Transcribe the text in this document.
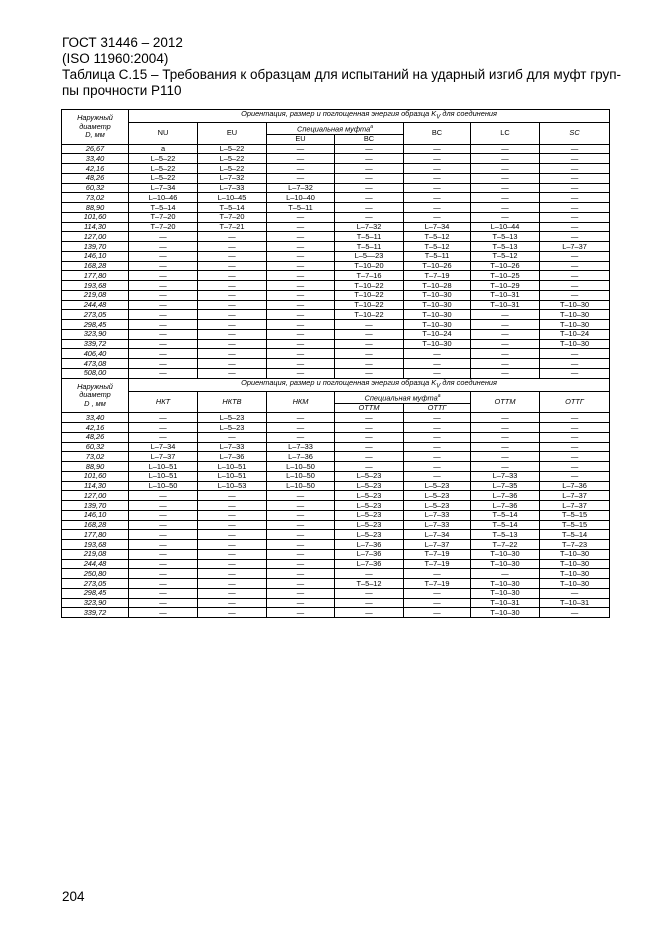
ГОСТ 31446 – 2012
(ISO 11960:2004)
Таблица С.15 – Требования к образцам для испытаний на ударный изгиб для муфт груп-
пы прочности Р110
Наружный
диаметр
D, мм	Ориентация, размер и поглощенная энергия образца $K_V$ для соединения						
	NU	EU	Специальная муфта$^a$		BC	LC	SC
			EU	BC			
26,67	a	L–5–22	—	—	—	—	—
33,40	L–5–22	L–5–22	—	—	—	—	—
42,16	L–5–22	L–5–22	—	—	—	—	—
48,26	L–5–22	L–7–32	—	—	—	—	—
60,32	L–7–34	L–7–33	L–7–32	—	—	—	—
73,02	L–10–46	L–10–45	L–10–40	—	—	—	—
88,90	T–5–14	T–5–14	T–5–11	—	—	—	—
101,60	T–7–20	T–7–20	—	—	—	—	—
114,30	T–7–20	T–7–21	—	L–7–32	L–7–34	L–10–44	—
127,00	—	—	—	T–5–11	T–5–12	T–5–13	—
139,70	—	—	—	T–5–11	T–5–12	T–5–13	L–7–37
146,10	—	—	—	L–5––23	T–5–11	T–5–12	—
168,28	—	—	—	T–10–20	T–10–26	T–10–26	—
177,80	—	—	—	T–7–16	T–7–19	T–10–25	—
193,68	—	—	—	T–10–22	T–10–28	T–10–29	—
219,08	—	—	—	T–10–22	T–10–30	T–10–31	—
244,48	—	—	—	T–10–22	T–10–30	T–10–31	T–10–30
273,05	—	—	—	T–10–22	T–10–30	—	T–10–30
298,45	—	—	—	—	T–10–30	—	T–10–30
323,90	—	—	—	—	T–10–24	—	T–10–24
339,72	—	—	—	—	T–10–30	—	T–10–30
406,40	—	—	—	—	—	—	—
473,08	—	—	—	—	—	—	—
508,00	—	—	—	—	—	—	—

Наружный
диаметр
D , мм	Ориентация, размер и поглощенная энергия образца $K_V$ для соединения						
	НКТ	НКТВ	НКМ	Специальная муфта$^a$		ОТТМ	ОТТГ
				ОТТМ	ОТТГ		
33,40	—	L–5–23	—	—	—	—	—
42,16	—	L–5–23	—	—	—	—	—
48,26	—	—	—	—	—	—	—
60,32	L–7–34	L–7–33	L–7–33	—	—	—	—
73,02	L–7–37	L–7–36	L–7–36	—	—	—	—
88,90	L–10–51	L–10–51	L–10–50	—	—	—	—
101,60	L–10–51	L–10–51	L–10–50	L–5–23	—	L–7–33	—
114,30	L–10–50	L–10–53	L–10–50	L–5–23	L–5–23	L–7–35	L–7–36
127,00	—	—	—	L–5–23	L–5–23	L–7–36	L–7–37
139,70	—	—	—	L–5–23	L–5–23	L–7–36	L–7–37
146,10	—	—	—	L–5–23	L–7–33	T–5–14	T–5–15
168,28	—	—	—	L–5–23	L–7–33	T–5–14	T–5–15
177,80	—	—	—	L–5–23	L–7–34	T–5–13	T–5–14
193,68	—	—	—	L–7–36	L–7–37	T–7–22	T–7–23
219,08	—	—	—	L–7–36	T–7–19	T–10–30	T–10–30
244,48	—	—	—	L–7–36	T–7–19	T–10–30	T–10–30
250,80	—	—	—	—	—	—	T–10–30
273,05	—	—	—	T–5–12	T–7–19	T–10–30	T–10–30
298,45	—	—	—	—	—	T–10–30	—
323,90	—	—	—	—	—	T–10–31	T–10–31
339,72	—	—	—	—	—	T–10–30	—
204
